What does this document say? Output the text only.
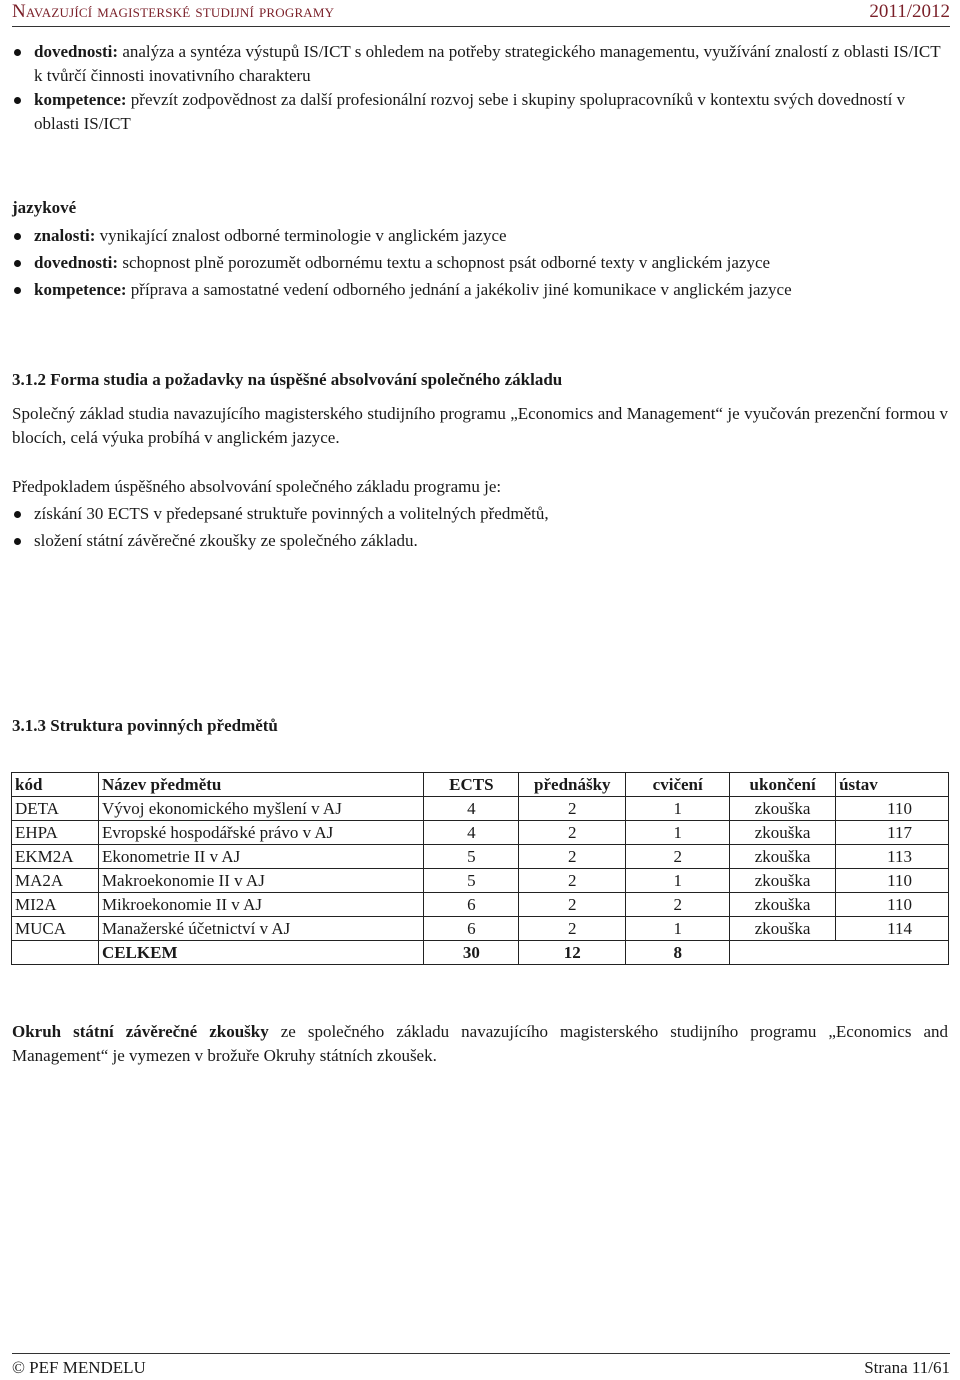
Navazující magisterské studijní programy	2011/2012
dovednosti: analýza a syntéza výstupů IS/ICT s ohledem na potřeby strategického managementu, využívání znalostí z oblasti IS/ICT k tvůrčí činnosti inovativního charakteru
kompetence: převzít zodpovědnost za další profesionální rozvoj sebe i skupiny spolupracovníků v kontextu svých dovedností v oblasti IS/ICT
jazykové
znalosti: vynikající znalost odborné terminologie v anglickém jazyce
dovednosti: schopnost plně porozumět odbornému textu a schopnost psát odborné texty v anglickém jazyce
kompetence: příprava a samostatné vedení odborného jednání a jakékoliv jiné komunikace v anglickém jazyce
3.1.2 Forma studia a požadavky na úspěšné absolvování společného základu
Společný základ studia navazujícího magisterského studijního programu „Economics and Management“ je vyučován prezenční formou v blocích, celá výuka probíhá v anglickém jazyce.
Předpokladem úspěšného absolvování společného základu programu je:
získání 30 ECTS v předepsané struktuře povinných a volitelných předmětů,
složení státní závěrečné zkoušky ze společného základu.
3.1.3 Struktura povinných předmětů
kód	Název předmětu	ECTS	přednášky	cvičení	ukončení	ústav
DETA	Vývoj ekonomického myšlení v AJ	4	2	1	zkouška	110
EHPA	Evropské hospodářské právo v AJ	4	2	1	zkouška	117
EKM2A	Ekonometrie II v AJ	5	2	2	zkouška	113
MA2A	Makroekonomie II v AJ	5	2	1	zkouška	110
MI2A	Mikroekonomie II v AJ	6	2	2	zkouška	110
MUCA	Manažerské účetnictví v AJ	6	2	1	zkouška	114
	CELKEM	30	12	8		
Okruh státní závěrečné zkoušky ze společného základu navazujícího magisterského studijního programu „Economics and Management“ je vymezen v brožuře Okruhy státních zkoušek.
© PEF MENDELU	Strana 11/61
